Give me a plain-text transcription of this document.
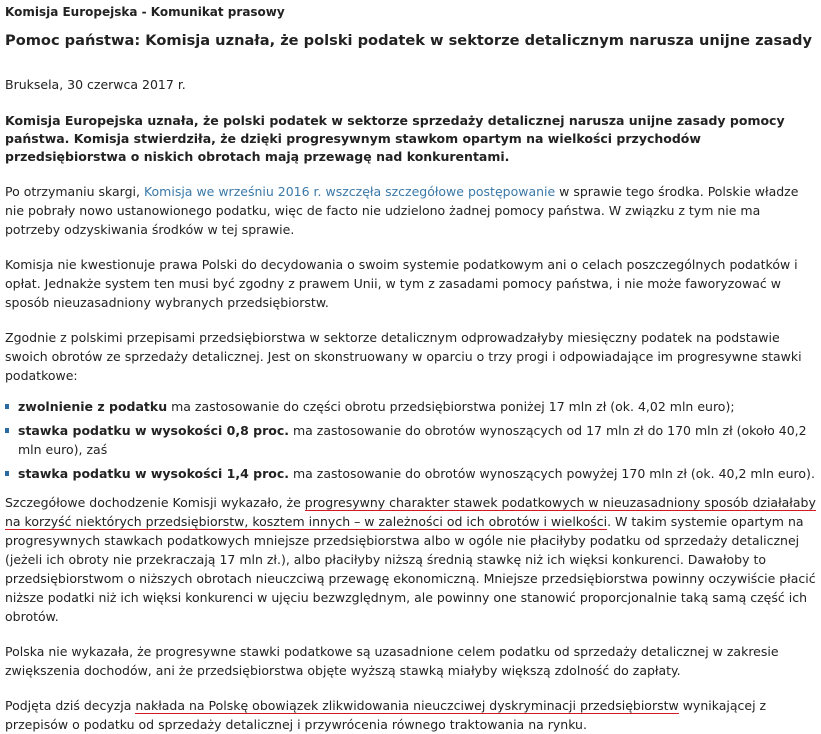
Komisja Europejska - Komunikat prasowy
Pomoc państwa: Komisja uznała, że polski podatek w sektorze detalicznym narusza unijne zasady
Bruksela, 30 czerwca 2017 r.

Komisja Europejska uznała, że polski podatek w sektorze sprzedaży detalicznej narusza unijne zasady pomocy państwa. Komisja stwierdziła, że dzięki progresywnym stawkom opartym na wielkości przychodów przedsiębiorstwa o niskich obrotach mają przewagę nad konkurentami.

Po otrzymaniu skargi, Komisja we wrześniu 2016 r. wszczęła szczegółowe postępowanie w sprawie tego środka. Polskie władze nie pobrały nowo ustanowionego podatku, więc de facto nie udzielono żadnej pomocy państwa. W związku z tym nie ma potrzeby odzyskiwania środków w tej sprawie.

Komisja nie kwestionuje prawa Polski do decydowania o swoim systemie podatkowym ani o celach poszczególnych podatków i opłat. Jednakże system ten musi być zgodny z prawem Unii, w tym z zasadami pomocy państwa, i nie może faworyzować w sposób nieuzasadniony wybranych przedsiębiorstw.

Zgodnie z polskimi przepisami przedsiębiorstwa w sektorze detalicznym odprowadzałyby miesięczny podatek na podstawie swoich obrotów ze sprzedaży detalicznej. Jest on skonstruowany w oparciu o trzy progi i odpowiadające im progresywne stawki podatkowe:

zwolnienie z podatku ma zastosowanie do części obrotu przedsiębiorstwa poniżej 17 mln zł (ok. 4,02 mln euro);
stawka podatku w wysokości 0,8 proc. ma zastosowanie do obrotów wynoszących od 17 mln zł do 170 mln zł (około 40,2 mln euro), zaś
stawka podatku w wysokości 1,4 proc. ma zastosowanie do obrotów wynoszących powyżej 170 mln zł (ok. 40,2 mln euro).

Szczegółowe dochodzenie Komisji wykazało, że progresywny charakter stawek podatkowych w nieuzasadniony sposób działałaby na korzyść niektórych przedsiębiorstw, kosztem innych – w zależności od ich obrotów i wielkości. W takim systemie opartym na progresywnych stawkach podatkowych mniejsze przedsiębiorstwa albo w ogóle nie płaciłyby podatku od sprzedaży detalicznej (jeżeli ich obroty nie przekraczają 17 mln zł.), albo płaciłyby niższą średnią stawkę niż ich więksi konkurenci. Dawałoby to przedsiębiorstwom o niższych obrotach nieuczciwą przewagę ekonomiczną. Mniejsze przedsiębiorstwa powinny oczywiście płacić niższe podatki niż ich więksi konkurenci w ujęciu bezwzględnym, ale powinny one stanowić proporcjonalnie taką samą część ich obrotów.

Polska nie wykazała, że progresywne stawki podatkowe są uzasadnione celem podatku od sprzedaży detalicznej w zakresie zwiększenia dochodów, ani że przedsiębiorstwa objęte wyższą stawką miałyby większą zdolność do zapłaty.

Podjęta dziś decyzja nakłada na Polskę obowiązek zlikwidowania nieuczciwej dyskryminacji przedsiębiorstw wynikającej z przepisów o podatku od sprzedaży detalicznej i przywrócenia równego traktowania na rynku.
